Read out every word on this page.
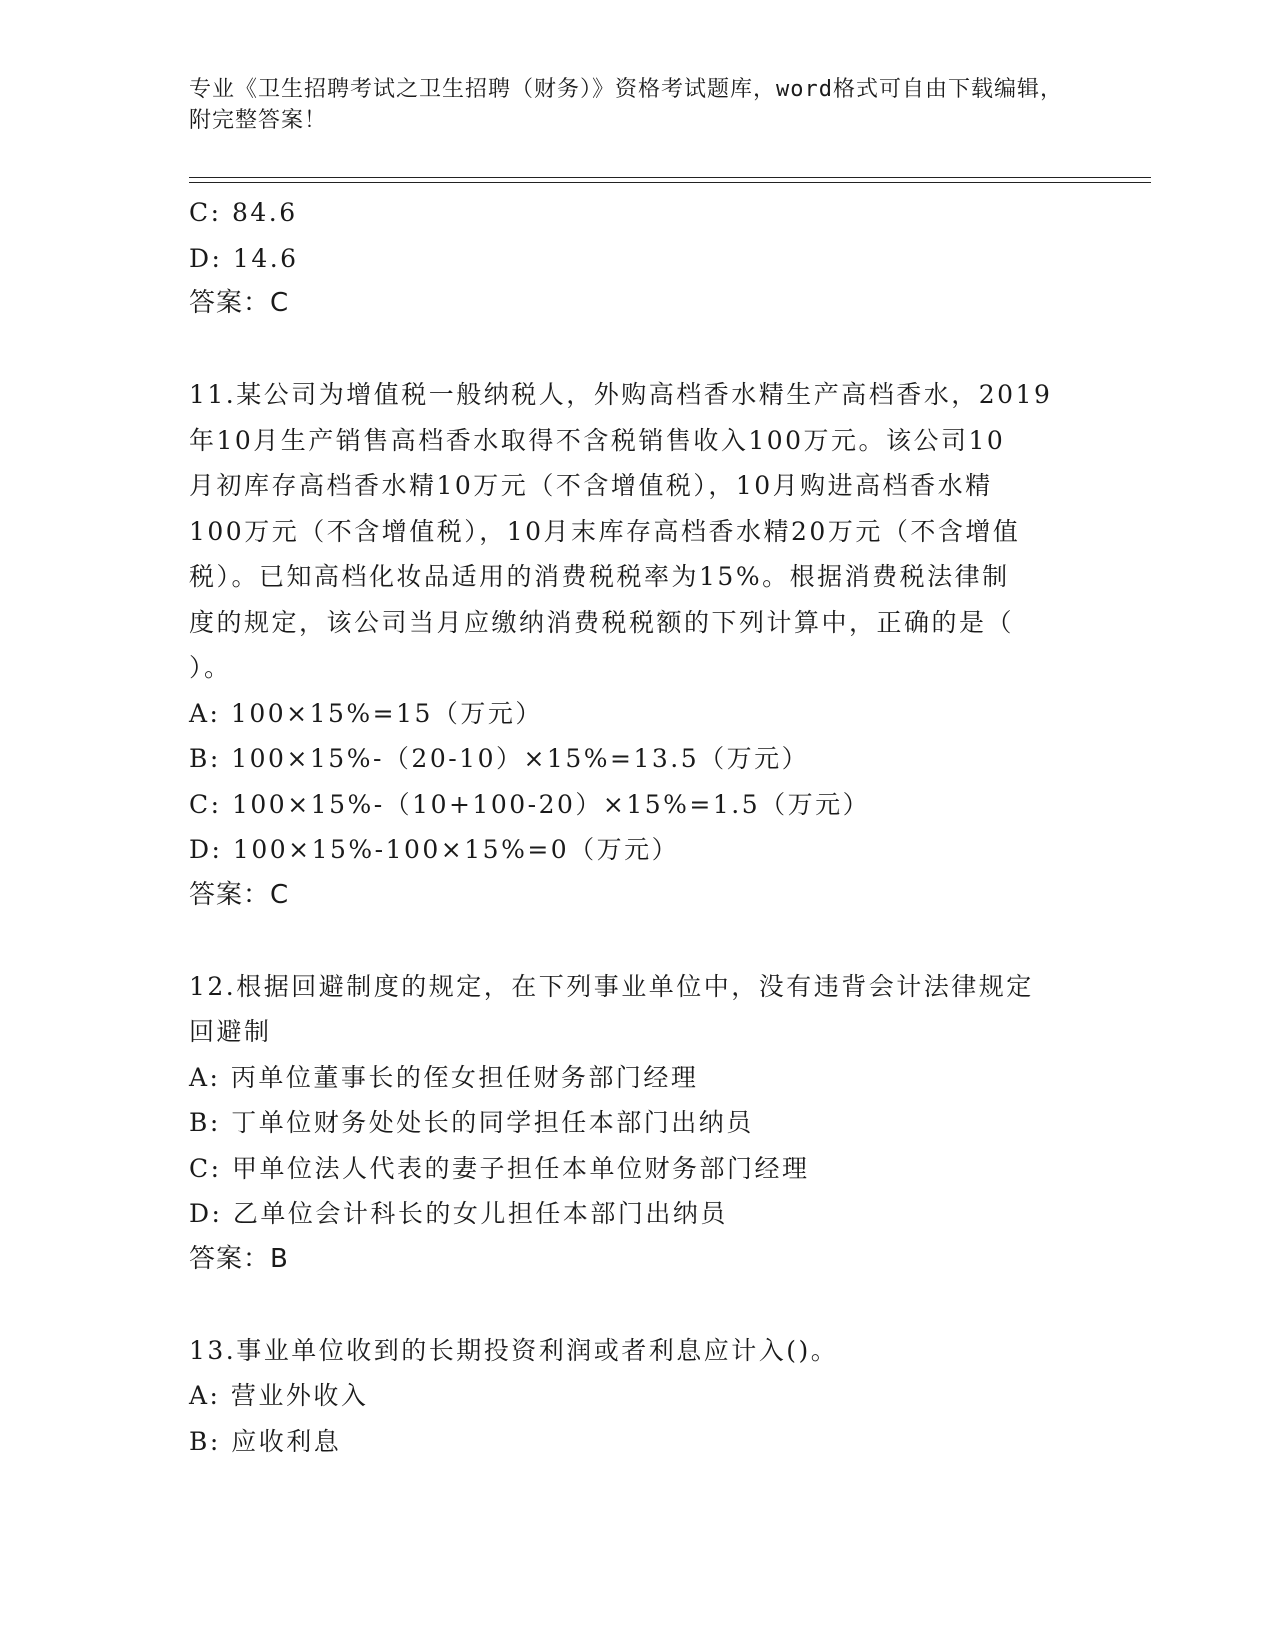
专业《卫生招聘考试之卫生招聘（财务）》资格考试题库，word格式可自由下载编辑，附完整答案！
C: 84.6
D: 14.6
答案：C
11.某公司为增值税一般纳税人，外购高档香水精生产高档香水，2019
年10月生产销售高档香水取得不含税销售收入100万元。该公司10
月初库存高档香水精10万元（不含增值税），10月购进高档香水精
100万元（不含增值税），10月末库存高档香水精20万元（不含增值
税）。已知高档化妆品适用的消费税税率为15%。根据消费税法律制
度的规定，该公司当月应缴纳消费税税额的下列计算中，正确的是（
）。
A: 100×15%=15（万元）
B: 100×15%-（20-10）×15%=13.5（万元）
C: 100×15%-（10+100-20）×15%=1.5（万元）
D: 100×15%-100×15%=0（万元）
答案：C
12.根据回避制度的规定，在下列事业单位中，没有违背会计法律规定
回避制
A: 丙单位董事长的侄女担任财务部门经理
B: 丁单位财务处处长的同学担任本部门出纳员
C: 甲单位法人代表的妻子担任本单位财务部门经理
D: 乙单位会计科长的女儿担任本部门出纳员
答案：B
13.事业单位收到的长期投资利润或者利息应计入()。
A: 营业外收入
B: 应收利息
